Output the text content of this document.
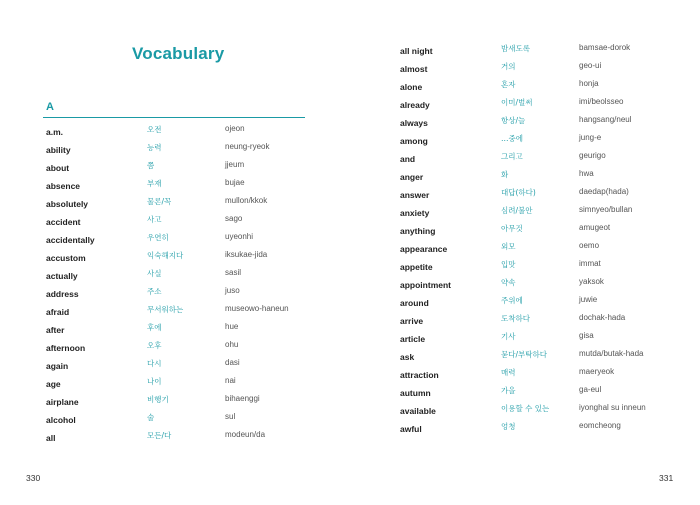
Vocabulary
A
a.m.	오전	ojeon
ability	능력	neung-ryeok
about	쯤	jjeum
absence	부재	bujae
absolutely	물론/꼭	mullon/kkok
accident	사고	sago
accidentally	우연히	uyeonhi
accustom	익숙해지다	iksukae-jida
actually	사실	sasil
address	주소	juso
afraid	무서워하는	museowo-haneun
after	후에	hue
afternoon	오후	ohu
again	다시	dasi
age	나이	nai
airplane	비행기	bihaenggi
alcohol	술	sul
all	모든/다	modeun/da
330
all night	밤새도록	bamsae-dorok
almost	거의	geo-ui
alone	혼자	honja
already	이미/벌써	imi/beolsseo
always	항상/늘	hangsang/neul
among	…중에	jung-e
and	그리고	geurigo
anger	화	hwa
answer	대답(하다)	daedap(hada)
anxiety	심려/불안	simnyeo/bullan
anything	아무것	amugeot
appearance	외모	oemo
appetite	입맛	immat
appointment	약속	yaksok
around	주위에	juwie
arrive	도착하다	dochak-hada
article	기사	gisa
ask	묻다/부탁하다	mutda/butak-hada
attraction	매력	maeryeok
autumn	가을	ga-eul
available	이용할 수 있는	iyonghal su inneun
awful	엉청	eomcheong
331
